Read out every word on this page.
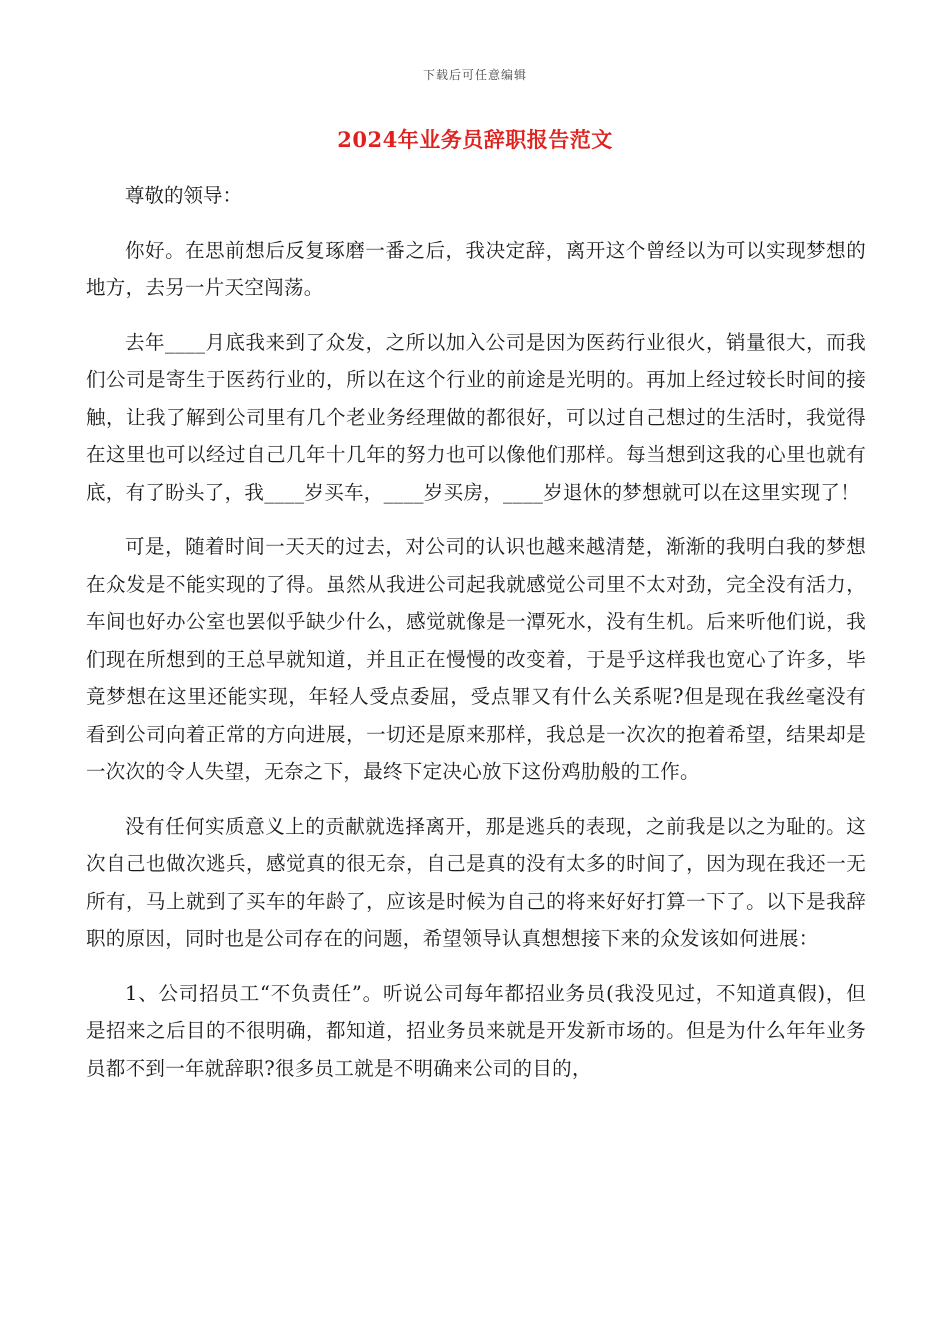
下载后可任意编辑
2024年业务员辞职报告范文

尊敬的领导：

你好。在思前想后反复琢磨一番之后，我决定辞，离开这个曾经以为可以实现梦想的地方，去另一片天空闯荡。

去年____月底我来到了众发，之所以加入公司是因为医药行业很火，销量很大，而我们公司是寄生于医药行业的，所以在这个行业的前途是光明的。再加上经过较长时间的接触，让我了解到公司里有几个老业务经理做的都很好，可以过自己想过的生活时，我觉得在这里也可以经过自己几年十几年的努力也可以像他们那样。每当想到这我的心里也就有底，有了盼头了，我____岁买车，____岁买房，____岁退休的梦想就可以在这里实现了！

可是，随着时间一天天的过去，对公司的认识也越来越清楚，渐渐的我明白我的梦想在众发是不能实现的了得。虽然从我进公司起我就感觉公司里不太对劲，完全没有活力，车间也好办公室也罢似乎缺少什么，感觉就像是一潭死水，没有生机。后来听他们说，我们现在所想到的王总早就知道，并且正在慢慢的改变着，于是乎这样我也宽心了许多，毕竟梦想在这里还能实现，年轻人受点委屈，受点罪又有什么关系呢?但是现在我丝毫没有看到公司向着正常的方向进展，一切还是原来那样，我总是一次次的抱着希望，结果却是一次次的令人失望，无奈之下，最终下定决心放下这份鸡肋般的工作。

没有任何实质意义上的贡献就选择离开，那是逃兵的表现，之前我是以之为耻的。这次自己也做次逃兵，感觉真的很无奈，自己是真的没有太多的时间了，因为现在我还一无所有，马上就到了买车的年龄了，应该是时候为自己的将来好好打算一下了。以下是我辞职的原因，同时也是公司存在的问题，希望领导认真想想接下来的众发该如何进展：

1、公司招员工“不负责任”。听说公司每年都招业务员(我没见过，不知道真假)，但是招来之后目的不很明确，都知道，招业务员来就是开发新市场的。但是为什么年年业务员都不到一年就辞职?很多员工就是不明确来公司的目的，
